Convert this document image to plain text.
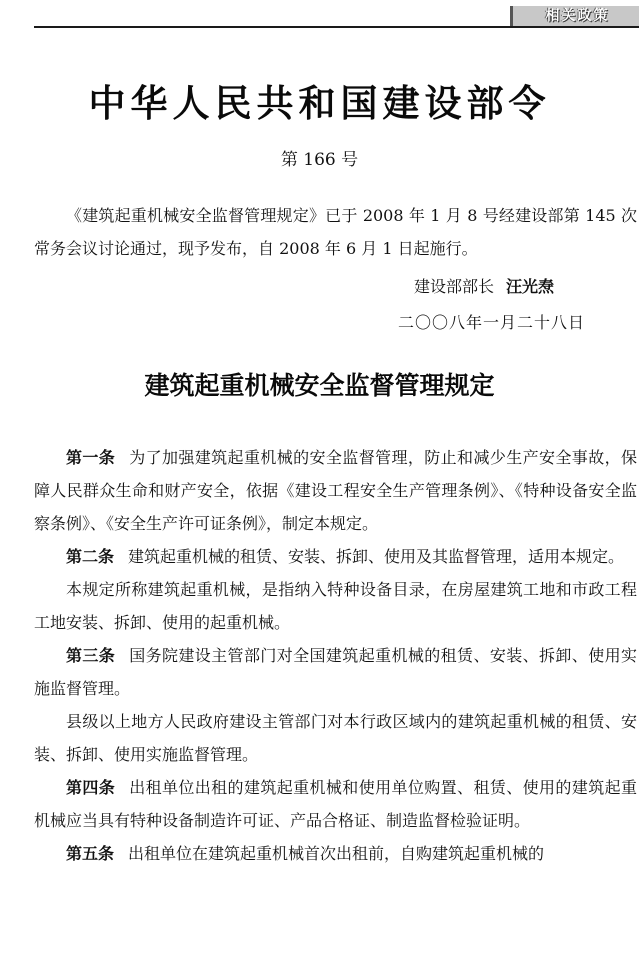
相关政策
中华人民共和国建设部令
第 166 号

《建筑起重机械安全监督管理规定》已于 2008 年 1 月 8 号经建设部第 145 次常务会议讨论通过，现予发布，自 2008 年 6 月 1 日起施行。

建设部部长 汪光焘
二〇〇八年一月二十八日
建筑起重机械安全监督管理规定

第一条 为了加强建筑起重机械的安全监督管理，防止和减少生产安全事故，保障人民群众生命和财产安全，依据《建设工程安全生产管理条例》、《特种设备安全监察条例》、《安全生产许可证条例》，制定本规定。

第二条 建筑起重机械的租赁、安装、拆卸、使用及其监督管理，适用本规定。

本规定所称建筑起重机械，是指纳入特种设备目录，在房屋建筑工地和市政工程工地安装、拆卸、使用的起重机械。

第三条 国务院建设主管部门对全国建筑起重机械的租赁、安装、拆卸、使用实施监督管理。

县级以上地方人民政府建设主管部门对本行政区域内的建筑起重机械的租赁、安装、拆卸、使用实施监督管理。

第四条 出租单位出租的建筑起重机械和使用单位购置、租赁、使用的建筑起重机械应当具有特种设备制造许可证、产品合格证、制造监督检验证明。

第五条 出租单位在建筑起重机械首次出租前，自购建筑起重机械的
